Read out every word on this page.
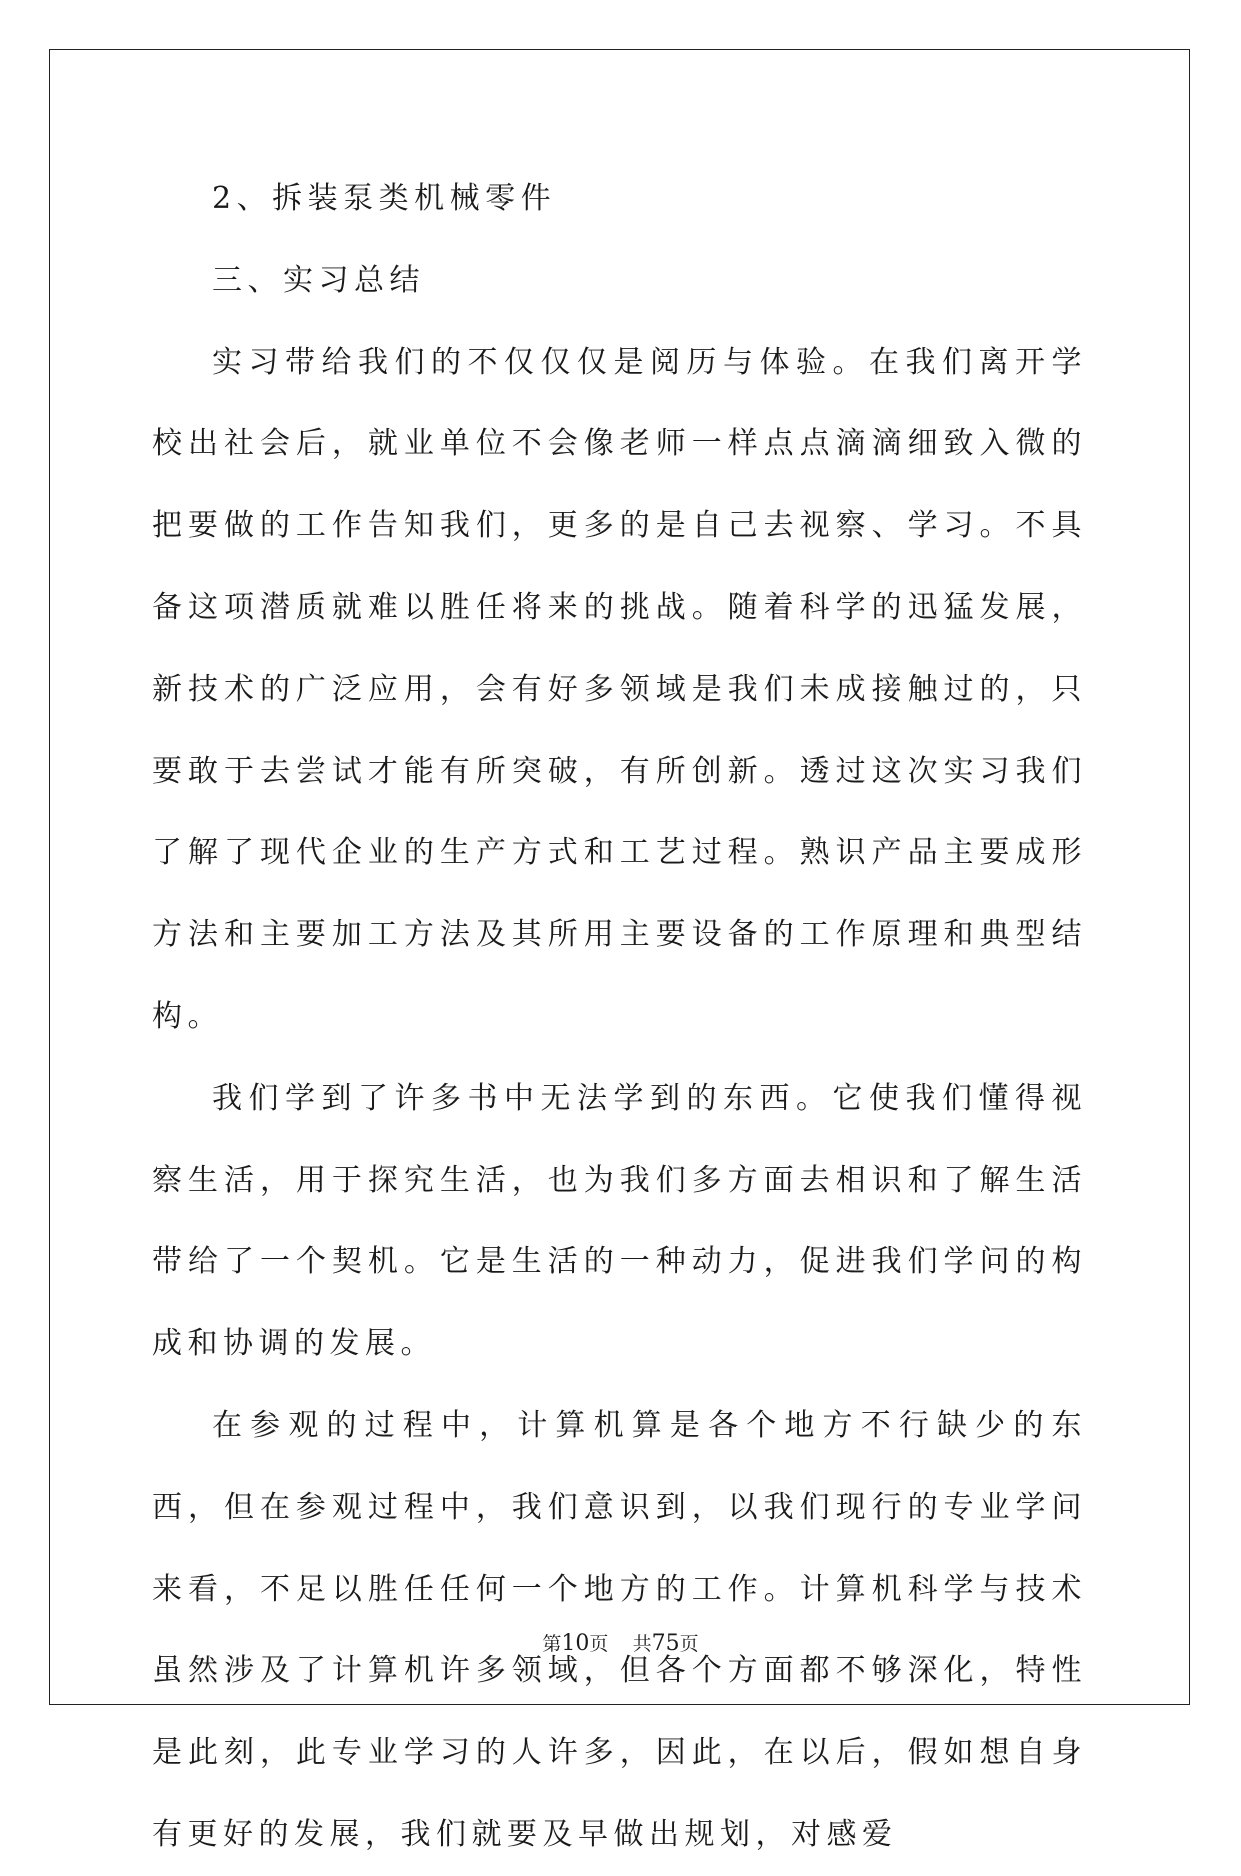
2、拆装泵类机械零件

三、实习总结

实习带给我们的不仅仅仅是阅历与体验。在我们离开学校出社会后，就业单位不会像老师一样点点滴滴细致入微的把要做的工作告知我们，更多的是自己去视察、学习。不具备这项潜质就难以胜任将来的挑战。随着科学的迅猛发展，新技术的广泛应用，会有好多领域是我们未成接触过的，只要敢于去尝试才能有所突破，有所创新。透过这次实习我们了解了现代企业的生产方式和工艺过程。熟识产品主要成形方法和主要加工方法及其所用主要设备的工作原理和典型结构。

我们学到了许多书中无法学到的东西。它使我们懂得视察生活，用于探究生活，也为我们多方面去相识和了解生活带给了一个契机。它是生活的一种动力，促进我们学问的构成和协调的发展。

在参观的过程中，计算机算是各个地方不行缺少的东西，但在参观过程中，我们意识到，以我们现行的专业学问来看，不足以胜任任何一个地方的工作。计算机科学与技术虽然涉及了计算机许多领域，但各个方面都不够深化，特性是此刻，此专业学习的人许多，因此，在以后，假如想自身有更好的发展，我们就要及早做出规划，对感爱

第10页 共75页
